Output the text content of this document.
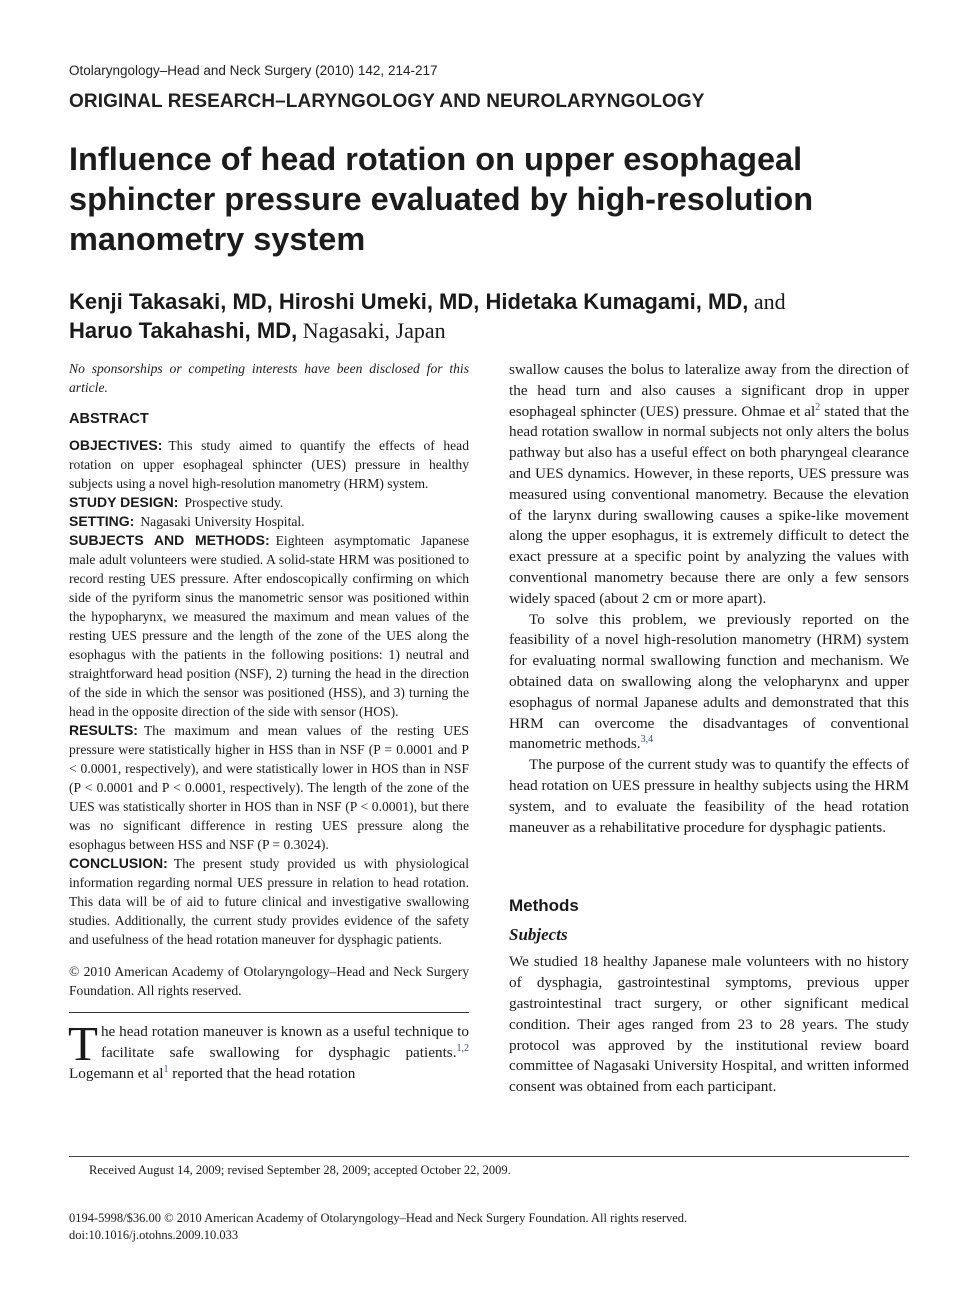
Otolaryngology–Head and Neck Surgery (2010) 142, 214-217
ORIGINAL RESEARCH–LARYNGOLOGY AND NEUROLARYNGOLOGY
Influence of head rotation on upper esophageal sphincter pressure evaluated by high-resolution manometry system
Kenji Takasaki, MD, Hiroshi Umeki, MD, Hidetaka Kumagami, MD, and
Haruo Takahashi, MD, Nagasaki, Japan

No sponsorships or competing interests have been disclosed for this article.

ABSTRACT

OBJECTIVES: This study aimed to quantify the effects of head rotation on upper esophageal sphincter (UES) pressure in healthy subjects using a novel high-resolution manometry (HRM) system.

STUDY DESIGN: Prospective study.

SETTING: Nagasaki University Hospital.

SUBJECTS AND METHODS: Eighteen asymptomatic Japanese male adult volunteers were studied. A solid-state HRM was positioned to record resting UES pressure. After endoscopically confirming on which side of the pyriform sinus the manometric sensor was positioned within the hypopharynx, we measured the maximum and mean values of the resting UES pressure and the length of the zone of the UES along the esophagus with the patients in the following positions: 1) neutral and straightforward head position (NSF), 2) turning the head in the direction of the side in which the sensor was positioned (HSS), and 3) turning the head in the opposite direction of the side with sensor (HOS).

RESULTS: The maximum and mean values of the resting UES pressure were statistically higher in HSS than in NSF (P = 0.0001 and P < 0.0001, respectively), and were statistically lower in HOS than in NSF (P < 0.0001 and P < 0.0001, respectively). The length of the zone of the UES was statistically shorter in HOS than in NSF (P < 0.0001), but there was no significant difference in resting UES pressure along the esophagus between HSS and NSF (P = 0.3024).

CONCLUSION: The present study provided us with physiological information regarding normal UES pressure in relation to head rotation. This data will be of aid to future clinical and investigative swallowing studies. Additionally, the current study provides evidence of the safety and usefulness of the head rotation maneuver for dysphagic patients.

© 2010 American Academy of Otolaryngology–Head and Neck Surgery Foundation. All rights reserved.

The head rotation maneuver is known as a useful technique to facilitate safe swallowing for dysphagic patients.$^{1,2}$ Logemann et $al^1$ reported that the head rotation

swallow causes the bolus to lateralize away from the direction of the head turn and also causes a significant drop in upper esophageal sphincter (UES) pressure. Ohmae et $al^2$ stated that the head rotation swallow in normal subjects not only alters the bolus pathway but also has a useful effect on both pharyngeal clearance and UES dynamics. However, in these reports, UES pressure was measured using conventional manometry. Because the elevation of the larynx during swallowing causes a spike-like movement along the upper esophagus, it is extremely difficult to detect the exact pressure at a specific point by analyzing the values with conventional manometry because there are only a few sensors widely spaced (about 2 cm or more apart).

To solve this problem, we previously reported on the feasibility of a novel high-resolution manometry (HRM) system for evaluating normal swallowing function and mechanism. We obtained data on swallowing along the velopharynx and upper esophagus of normal Japanese adults and demonstrated that this HRM can overcome the disadvantages of conventional manometric methods.$^{3,4}$

The purpose of the current study was to quantify the effects of head rotation on UES pressure in healthy subjects using the HRM system, and to evaluate the feasibility of the head rotation maneuver as a rehabilitative procedure for dysphagic patients.

Methods
Subjects

We studied 18 healthy Japanese male volunteers with no history of dysphagia, gastrointestinal symptoms, previous upper gastrointestinal tract surgery, or other significant medical condition. Their ages ranged from 23 to 28 years. The study protocol was approved by the institutional review board committee of Nagasaki University Hospital, and written informed consent was obtained from each participant.

Received August 14, 2009; revised September 28, 2009; accepted October 22, 2009.
0194-5998/$36.00 © 2010 American Academy of Otolaryngology–Head and Neck Surgery Foundation. All rights reserved.
doi:10.1016/j.otohns.2009.10.033
